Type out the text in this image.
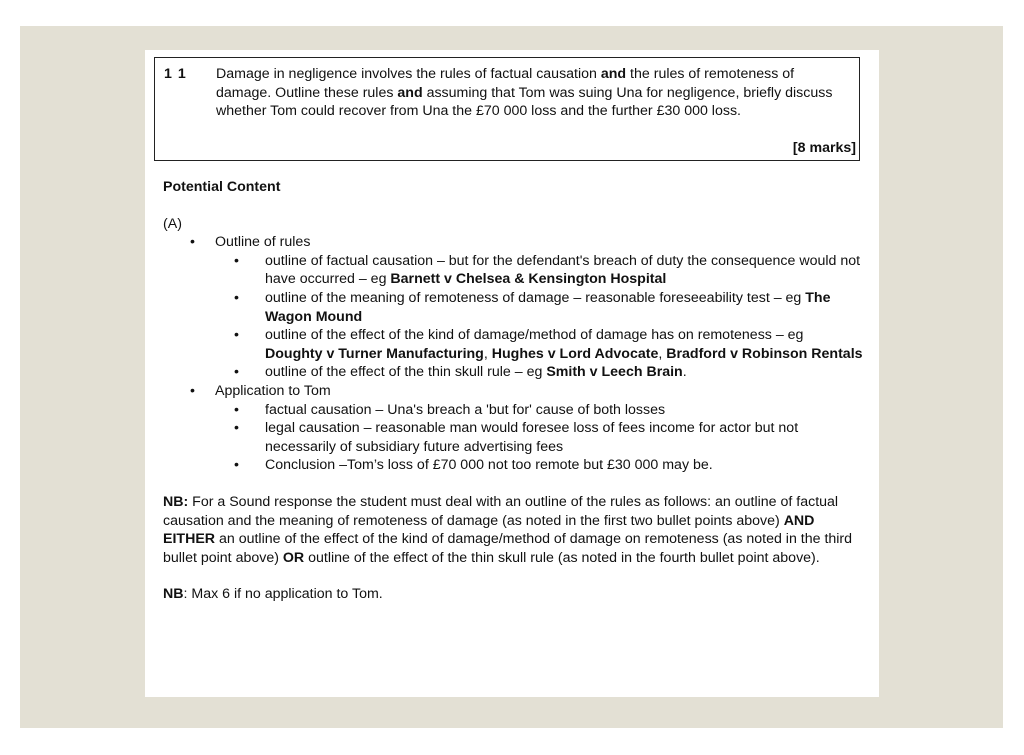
1 1 Damage in negligence involves the rules of factual causation and the rules of remoteness of damage. Outline these rules and assuming that Tom was suing Una for negligence, briefly discuss whether Tom could recover from Una the £70 000 loss and the further £30 000 loss.
[8 marks]

Potential Content

(A)
• Outline of rules
• outline of factual causation – but for the defendant's breach of duty the consequence would not have occurred – eg Barnett v Chelsea & Kensington Hospital
• outline of the meaning of remoteness of damage – reasonable foreseeability test – eg The Wagon Mound
• outline of the effect of the kind of damage/method of damage has on remoteness – eg Doughty v Turner Manufacturing, Hughes v Lord Advocate, Bradford v Robinson Rentals
• outline of the effect of the thin skull rule – eg Smith v Leech Brain.
• Application to Tom
• factual causation – Una's breach a 'but for' cause of both losses
• legal causation – reasonable man would foresee loss of fees income for actor but not necessarily of subsidiary future advertising fees
• Conclusion –Tom’s loss of £70 000 not too remote but £30 000 may be.
NB: For a Sound response the student must deal with an outline of the rules as follows: an outline of factual causation and the meaning of remoteness of damage (as noted in the first two bullet points above) AND EITHER an outline of the effect of the kind of damage/method of damage on remoteness (as noted in the third bullet point above) OR outline of the effect of the thin skull rule (as noted in the fourth bullet point above).
NB: Max 6 if no application to Tom.
